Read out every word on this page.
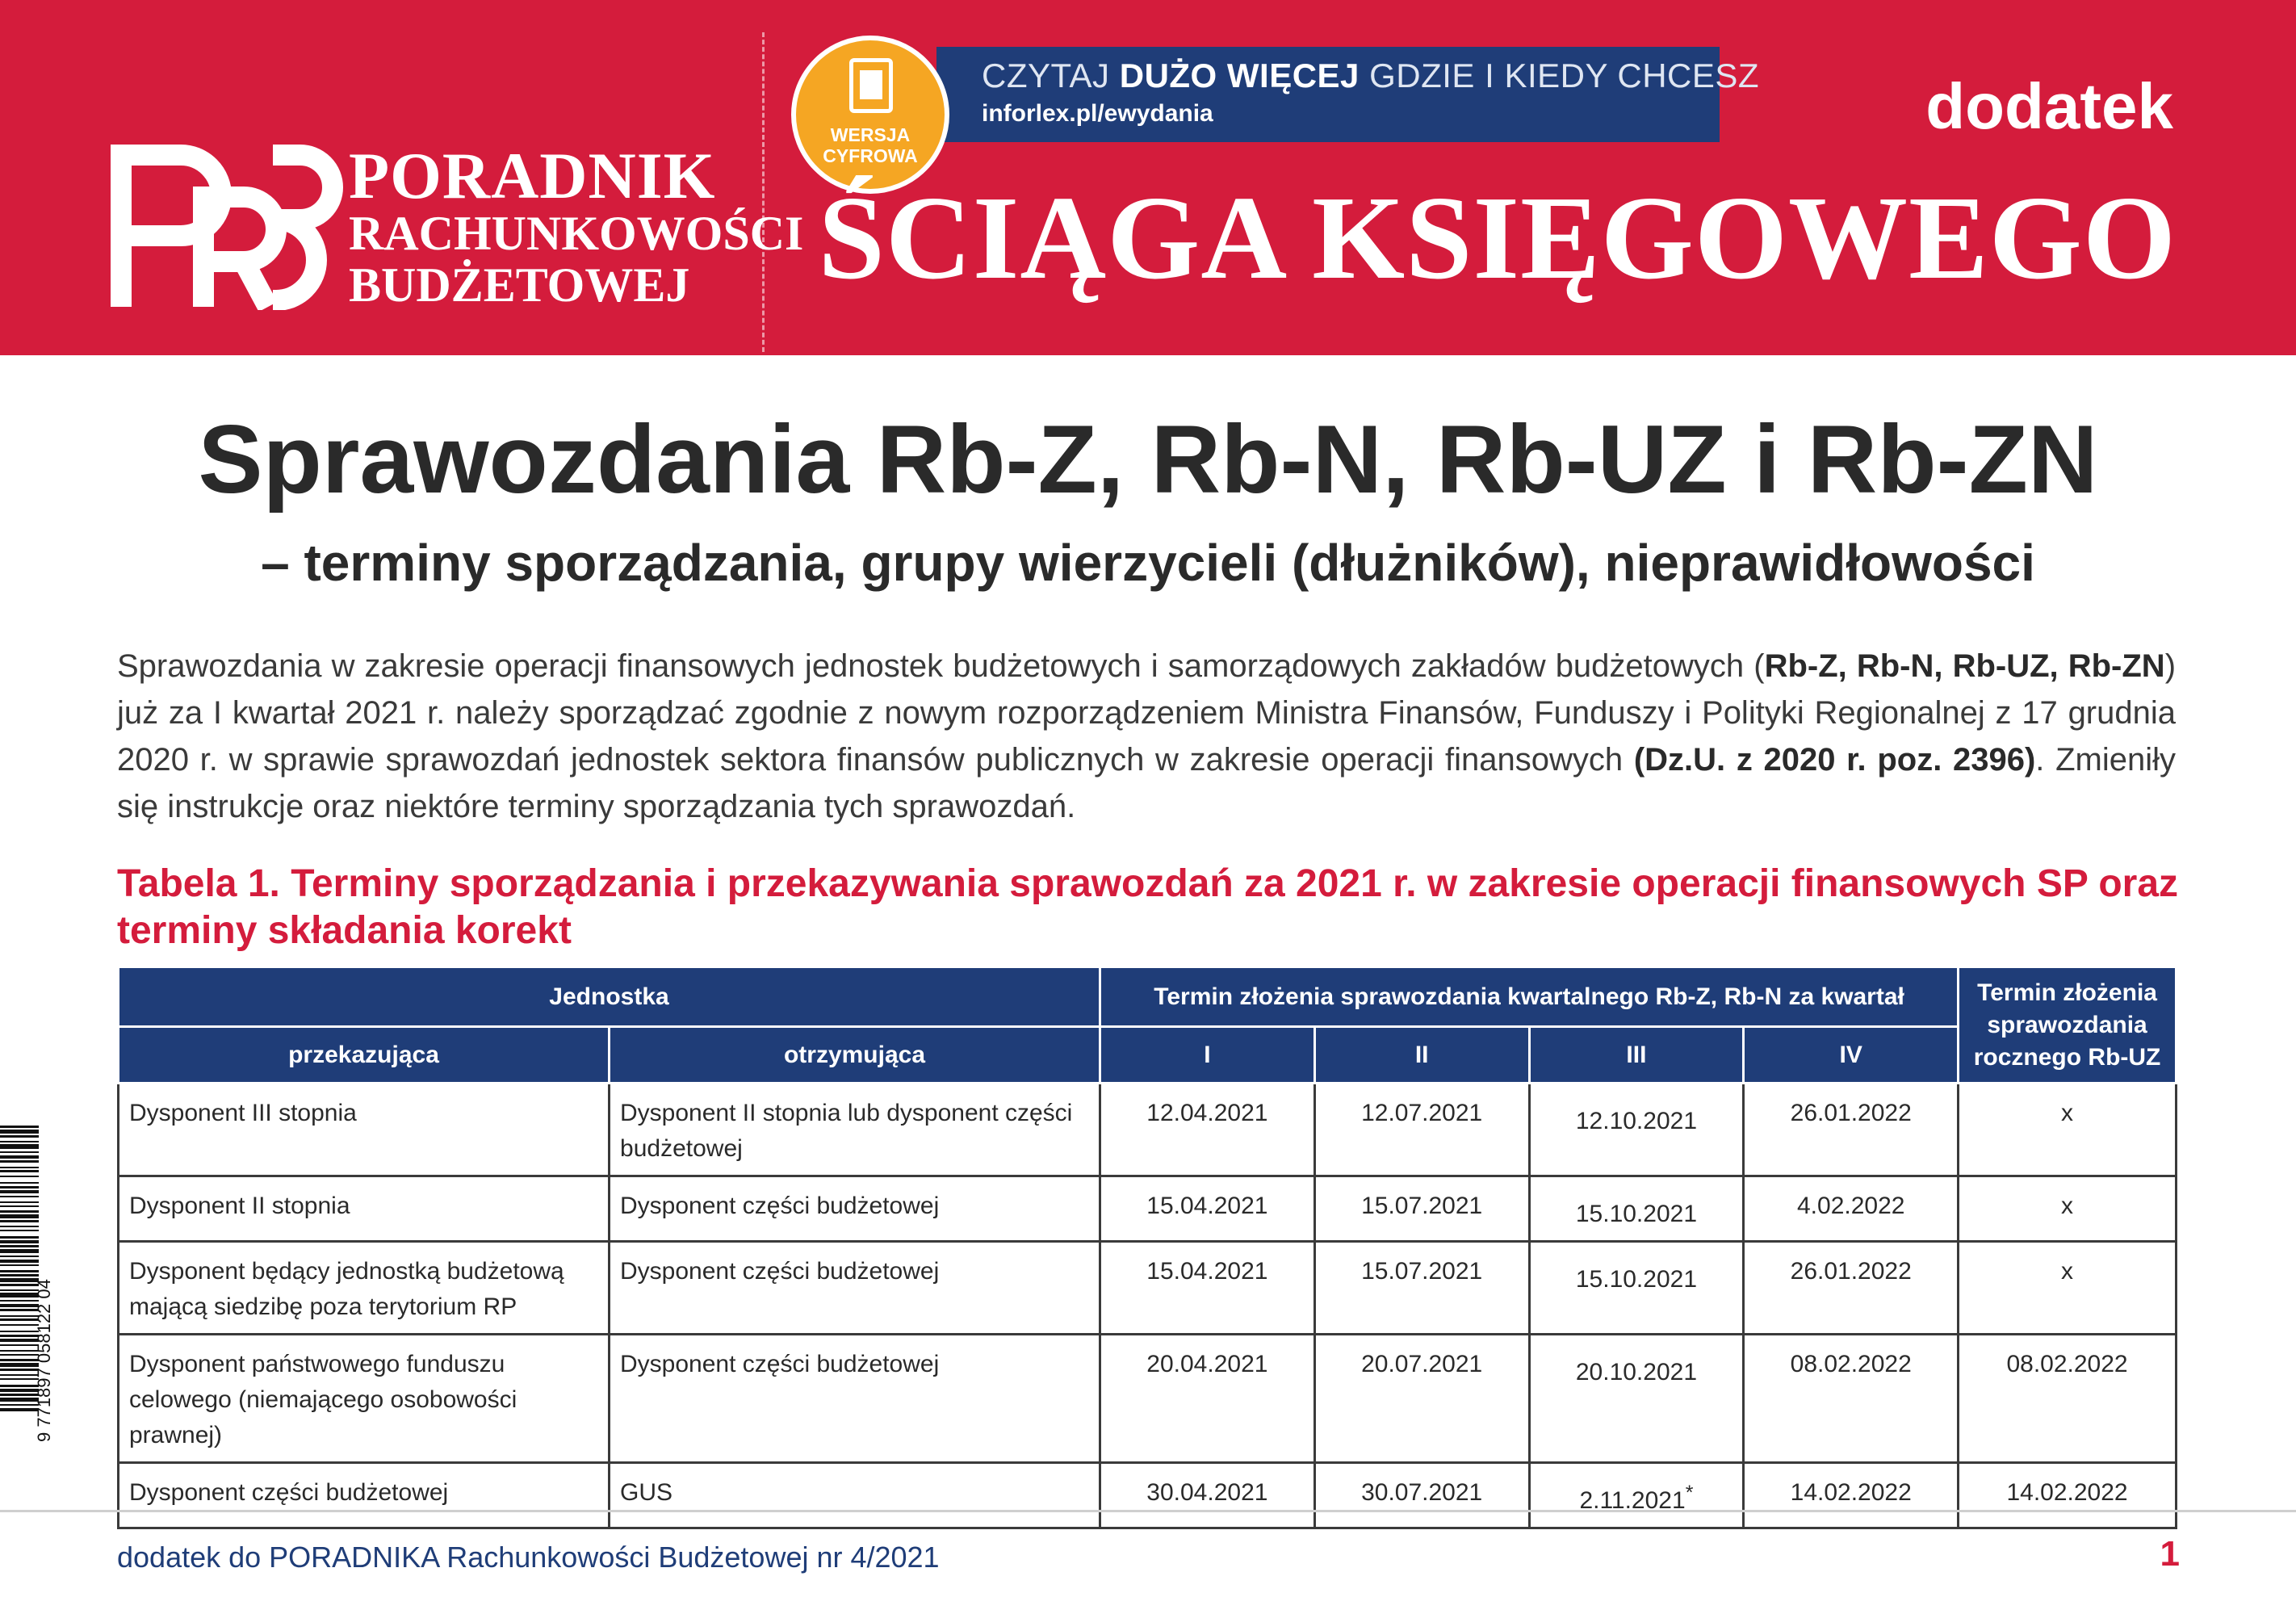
PORADNIK
RACHUNKOWOŚCI
BUDŻETOWEJ
CZYTAJ DUŻO WIĘCEJ GDZIE I KIEDY CHCESZ
inforlex.pl/ewydania
WERSJA
CYFROWA
dodatek
ŚCIĄGA KSIĘGOWEGO
Sprawozdania Rb-Z, Rb-N, Rb-UZ i Rb-ZN
– terminy sporządzania, grupy wierzycieli (dłużników), nieprawidłowości
Sprawozdania w zakresie operacji finansowych jednostek budżetowych i samorządowych zakładów budżetowych (Rb-Z, Rb-N, Rb-UZ, Rb-ZN) już za I kwartał 2021 r. należy sporządzać zgodnie z nowym rozporządzeniem Ministra Finansów, Funduszy i Polityki Regionalnej z 17 grudnia 2020 r. w sprawie sprawozdań jednostek sektora finansów publicznych w zakresie operacji finansowych (Dz.U. z 2020 r. poz. 2396). Zmieniły się instrukcje oraz niektóre terminy sporządzania tych sprawozdań.
Tabela 1. Terminy sporządzania i przekazywania sprawozdań za 2021 r. w zakresie operacji finansowych SP oraz terminy składania korekt
Jednostka		Termin złożenia sprawozdania kwartalnego Rb-Z, Rb-N za kwartał				Termin złożenia sprawozdania rocznego Rb-UZ
przekazująca	otrzymująca	I	II	III	IV	
Dysponent III stopnia	Dysponent II stopnia lub dysponent części budżetowej	12.04.2021	12.07.2021	12.10.2021	26.01.2022	x
Dysponent II stopnia	Dysponent części budżetowej	15.04.2021	15.07.2021	15.10.2021	4.02.2022	x
Dysponent będący jednostką budżetową mającą siedzibę poza terytorium RP	Dysponent części budżetowej	15.04.2021	15.07.2021	15.10.2021	26.01.2022	x
Dysponent państwowego funduszu celowego (niemającego osobowości prawnej)	Dysponent części budżetowej	20.04.2021	20.07.2021	20.10.2021	08.02.2022	08.02.2022
Dysponent części budżetowej	GUS	30.04.2021	30.07.2021	2.11.2021*	14.02.2022	14.02.2022
9 771897 058122 04
dodatek do PORADNIKA Rachunkowości Budżetowej nr 4/2021	1
